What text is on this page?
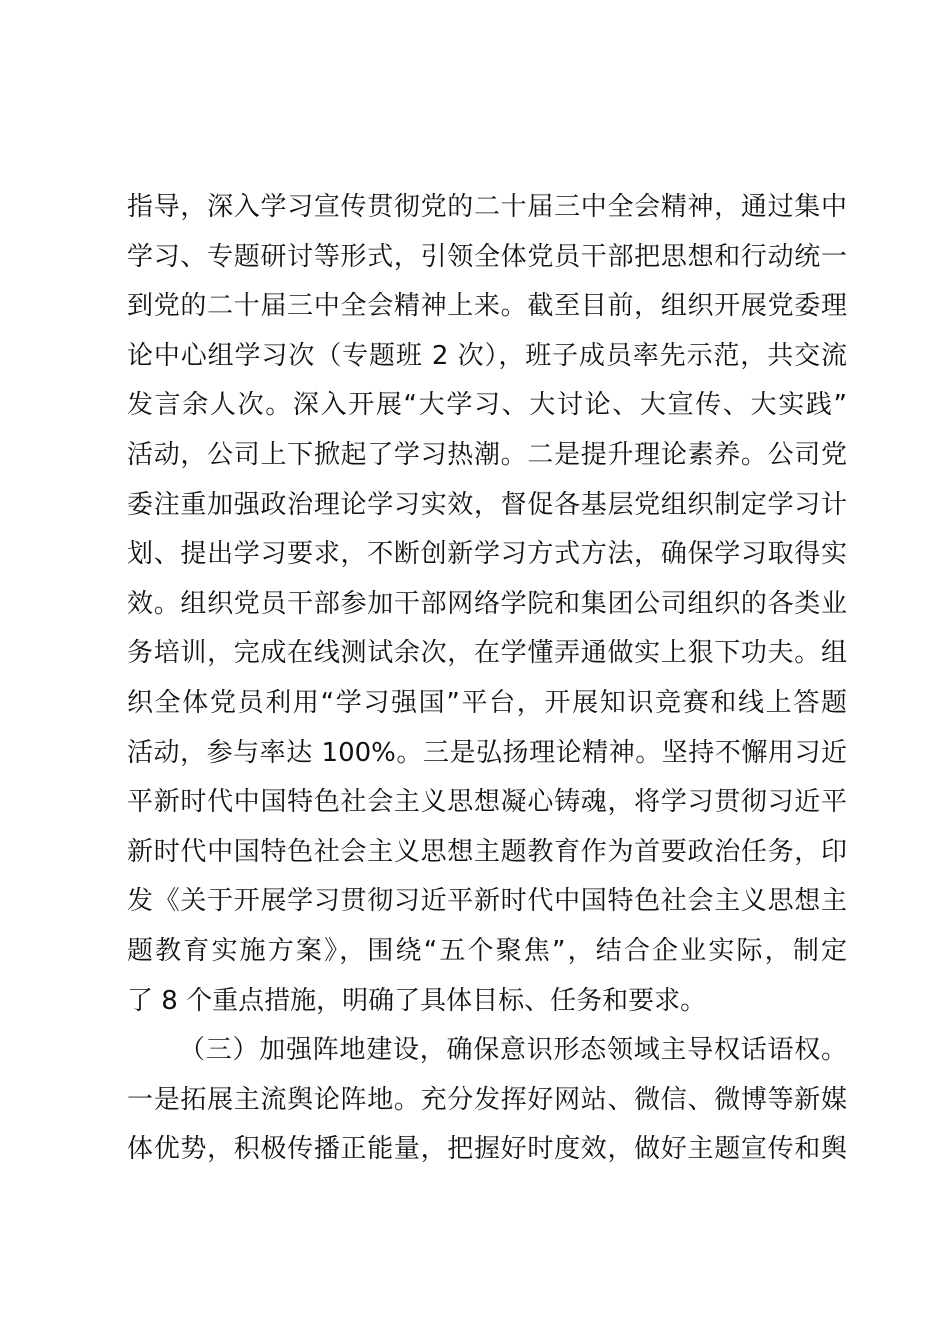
指导，深入学习宣传贯彻党的二十届三中全会精神，通过集中
学习、专题研讨等形式，引领全体党员干部把思想和行动统一
到党的二十届三中全会精神上来。截至目前，组织开展党委理
论中心组学习次（专题班 2 次），班子成员率先示范，共交流
发言余人次。深入开展“大学习、大讨论、大宣传、大实践”
活动，公司上下掀起了学习热潮。二是提升理论素养。公司党
委注重加强政治理论学习实效，督促各基层党组织制定学习计
划、提出学习要求，不断创新学习方式方法，确保学习取得实
效。组织党员干部参加干部网络学院和集团公司组织的各类业
务培训，完成在线测试余次，在学懂弄通做实上狠下功夫。组
织全体党员利用“学习强国”平台，开展知识竞赛和线上答题
活动，参与率达 100%。三是弘扬理论精神。坚持不懈用习近
平新时代中国特色社会主义思想凝心铸魂，将学习贯彻习近平
新时代中国特色社会主义思想主题教育作为首要政治任务，印
发《关于开展学习贯彻习近平新时代中国特色社会主义思想主
题教育实施方案》，围绕“五个聚焦”，结合企业实际，制定
了 8 个重点措施，明确了具体目标、任务和要求。
（三）加强阵地建设，确保意识形态领域主导权话语权。
一是拓展主流舆论阵地。充分发挥好网站、微信、微博等新媒
体优势，积极传播正能量，把握好时度效，做好主题宣传和舆
